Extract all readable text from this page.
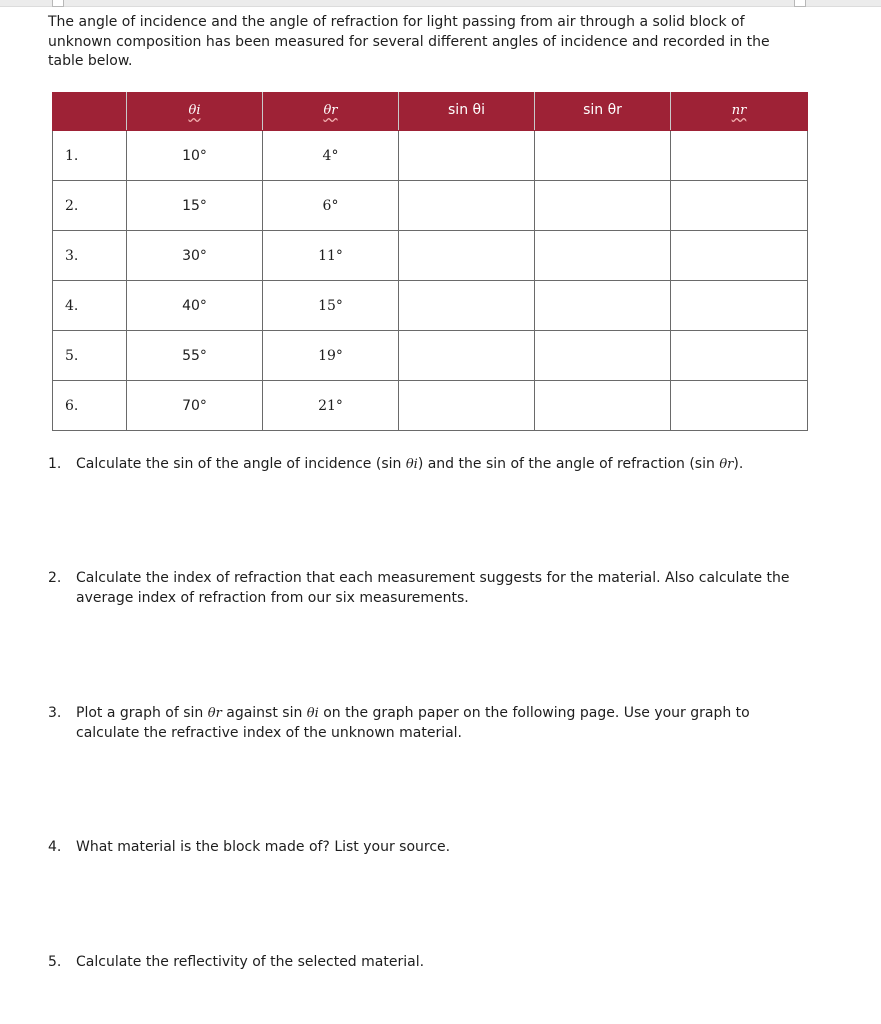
The angle of incidence and the angle of refraction for light passing from air through a solid block of unknown composition has been measured for several different angles of incidence and recorded in the table below.

	θi	θr	sin θi	sin θr	nr
1.	10°	4°			
2.	15°	6°			
3.	30°	11°			
4.	40°	15°			
5.	55°	19°			
6.	70°	21°			
1.	Calculate the sin of the angle of incidence (sin θi) and the sin of the angle of refraction (sin θr).
2.	Calculate the index of refraction that each measurement suggests for the material. Also calculate the average index of refraction from our six measurements.
3.	Plot a graph of sin θr against sin θi on the graph paper on the following page. Use your graph to calculate the refractive index of the unknown material.
4.	What material is the block made of? List your source.
5.	Calculate the reflectivity of the selected material.
